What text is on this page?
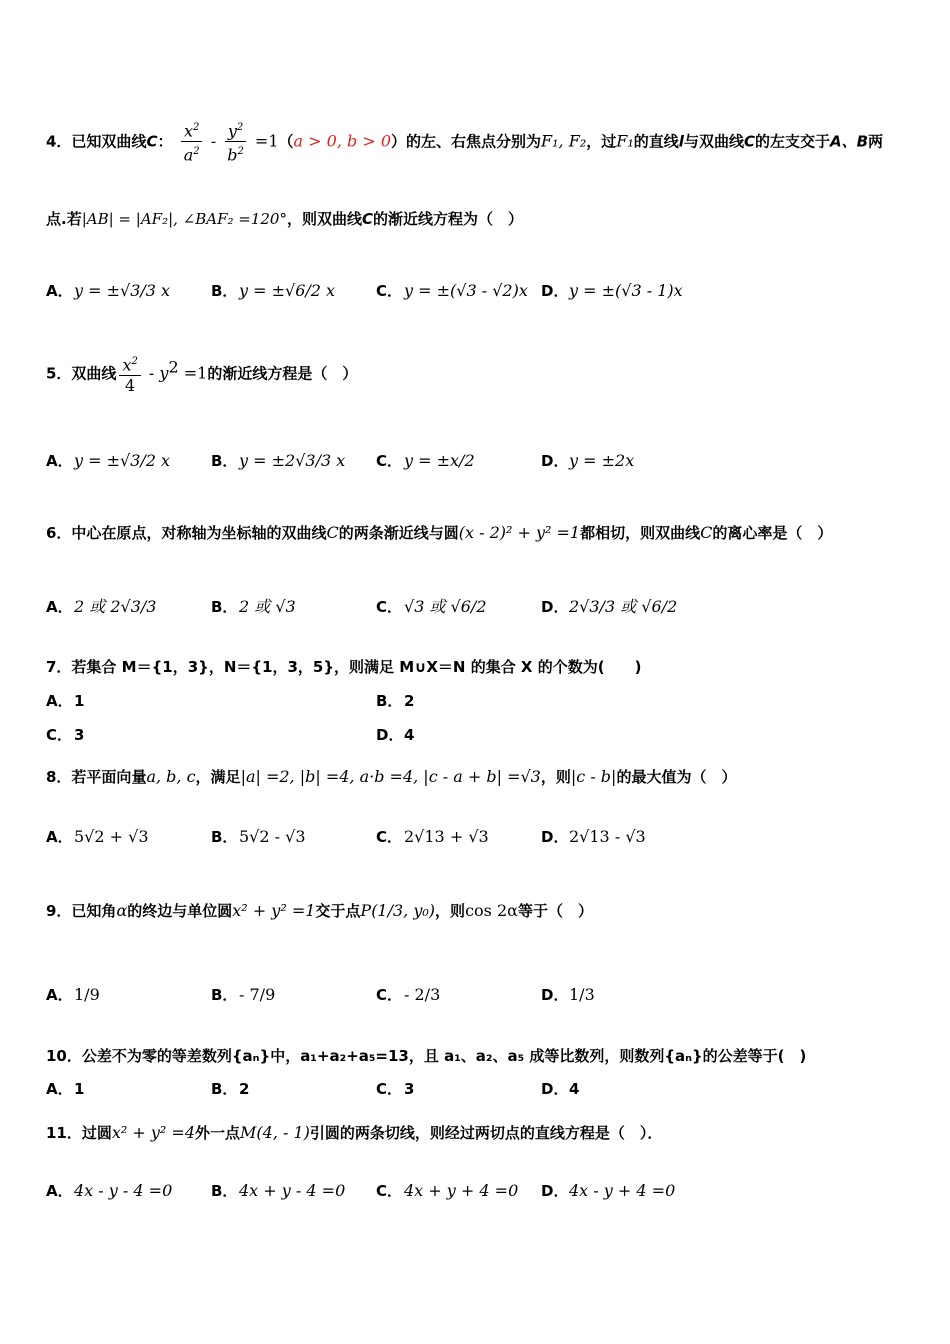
4．已知双曲线C： $\frac{x^2}{a^2} - \frac{y^2}{b^2} =1(a > 0$, b > 0）的左、右焦点分别为F₁, F₂，过F₁的直线l与双曲线C的左支交于A、B两
点.若|AB| = |AF₂|, ∠BAF₂ =120°，则双曲线C的渐近线方程为（　）
A．y = ±√3/3 x	B．y = ±√6/2 x	C． y = ±(√3 - √2)x D．y = ±(√3 - 1)x
5．双曲线 $\frac{x^2}{4} - y^2 =1$的渐近线方程是（　）
A．y = ±√3/2 x	B．y = ±2√3/3 x C． y = ±x/2	D．y = ±2x
6．中心在原点，对称轴为坐标轴的双曲线C的两条渐近线与圆(x - 2)² + y² =1都相切，则双曲线C的离心率是（　）
A．2 或 2√3/3	B．2 或 √3	C． √3 或 √6/2	D．2√3/3 或 √6/2
7．若集合 M＝{1，3}，N＝{1，3，5}，则满足 M∪X＝N 的集合 X 的个数为(　　)
A．1	B． 2
C． 3	D．4
8．若平面向量a, b, c，满足|a| =2, |b| =4, a·b =4, |c - a + b| =√3，则|c - b|的最大值为（　）
A．5√2 + √3	B．5√2 - √3	C． 2√13 + √3	D．2√13 - √3
9．已知角α的终边与单位圆x² + y² =1交于点P(1/3, y₀)，则cos 2α等于（　）
A．1/9	B．- 7/9	C． - 2/3	D．1/3
10．公差不为零的等差数列{aₙ}中，a₁+a₂+a₅=13，且 a₁、a₂、a₅ 成等比数列，则数列{aₙ}的公差等于(　)
A．1	B． 2	C． 3	D．4
11．过圆x² + y² =4外一点M(4, - 1)引圆的两条切线，则经过两切点的直线方程是（　）．
A．4x - y - 4 =0	B．4x + y - 4 =0 C． 4x + y + 4 =0 D．4x - y + 4 =0
